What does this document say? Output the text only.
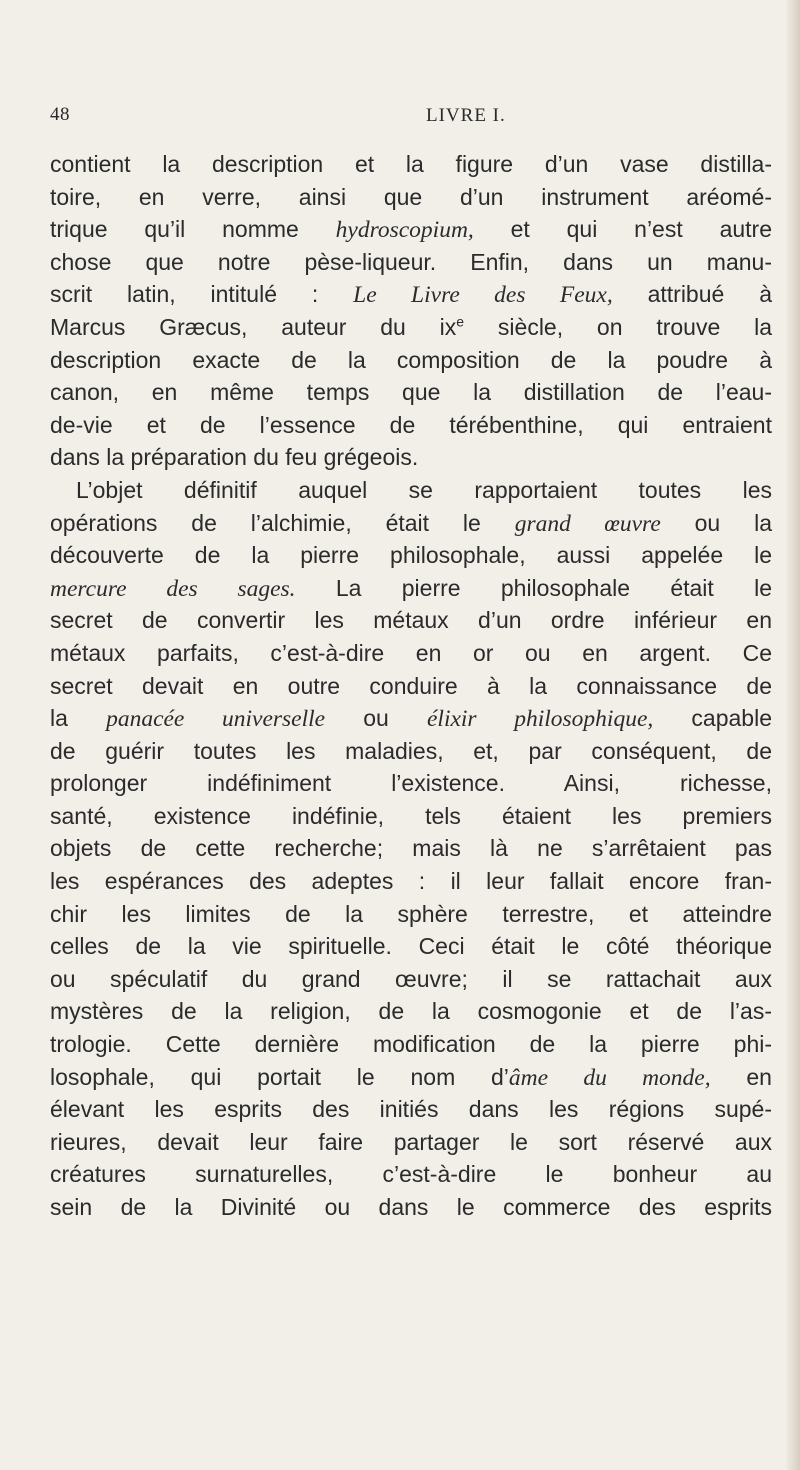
48	LIVRE I.
contient la description et la figure d’un vase distilla-
toire, en verre, ainsi que d’un instrument aréomé-
trique qu’il nomme hydroscopium, et qui n’est autre
chose que notre pèse-liqueur. Enfin, dans un manu-
scrit latin, intitulé : Le Livre des Feux, attribué à
Marcus Græcus, auteur du $ix^e$ siècle, on trouve la
description exacte de la composition de la poudre à
canon, en même temps que la distillation de l’eau-
de-vie et de l’essence de térébenthine, qui entraient
dans la préparation du feu grégeois.
L’objet définitif auquel se rapportaient toutes les
opérations de l’alchimie, était le grand œuvre ou la
découverte de la pierre philosophale, aussi appelée le
mercure des sages. La pierre philosophale était le
secret de convertir les métaux d’un ordre inférieur en
métaux parfaits, c’est-à-dire en or ou en argent. Ce
secret devait en outre conduire à la connaissance de
la panacée universelle ou élixir philosophique, capable
de guérir toutes les maladies, et, par conséquent, de
prolonger indéfiniment l’existence. Ainsi, richesse,
santé, existence indéfinie, tels étaient les premiers
objets de cette recherche; mais là ne s’arrêtaient pas
les espérances des adeptes : il leur fallait encore fran-
chir les limites de la sphère terrestre, et atteindre
celles de la vie spirituelle. Ceci était le côté théorique
ou spéculatif du grand œuvre; il se rattachait aux
mystères de la religion, de la cosmogonie et de l’as-
trologie. Cette dernière modification de la pierre phi-
losophale, qui portait le nom d’âme du monde, en
élevant les esprits des initiés dans les régions supé-
rieures, devait leur faire partager le sort réservé aux
créatures surnaturelles, c’est-à-dire le bonheur au
sein de la Divinité ou dans le commerce des esprits
